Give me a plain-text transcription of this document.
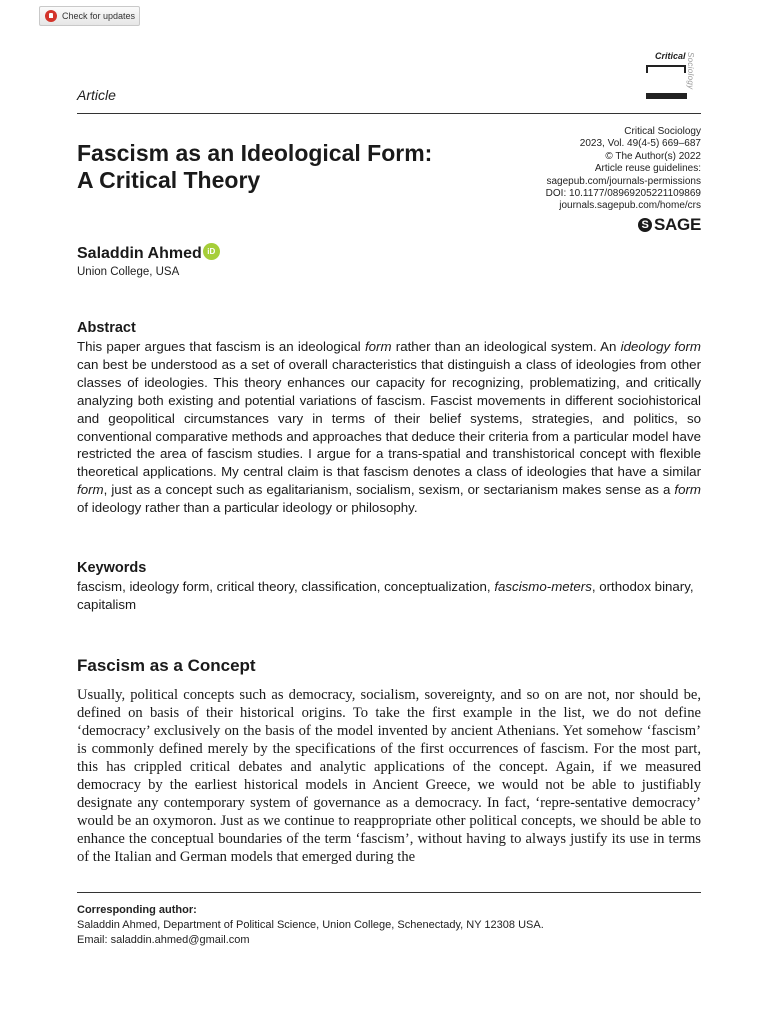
Check for updates
Critical Sociology
Article
Fascism as an Ideological Form:
A Critical Theory
Critical Sociology
2023, Vol. 49(4-5) 669–687
© The Author(s) 2022
Article reuse guidelines:
sagepub.com/journals-permissions
DOI: 10.1177/08969205221109869
journals.sagepub.com/home/crs
S SAGE
Saladdin Ahmed iD
Union College, USA
Abstract
This paper argues that fascism is an ideological form rather than an ideological system. An ideology form can best be understood as a set of overall characteristics that distinguish a class of ideologies from other classes of ideologies. This theory enhances our capacity for recognizing, problematizing, and critically analyzing both existing and potential variations of fascism. Fascist movements in different sociohistorical and geopolitical circumstances vary in terms of their belief systems, strategies, and politics, so conventional comparative methods and approaches that deduce their criteria from a particular model have restricted the area of fascism studies. I argue for a trans-spatial and transhistorical concept with flexible theoretical applications. My central claim is that fascism denotes a class of ideologies that have a similar form, just as a concept such as egalitarianism, socialism, sexism, or sectarianism makes sense as a form of ideology rather than a particular ideology or philosophy.
Keywords
fascism, ideology form, critical theory, classification, conceptualization, fascismo-meters, orthodox binary, capitalism
Fascism as a Concept
Usually, political concepts such as democracy, socialism, sovereignty, and so on are not, nor should be, defined on basis of their historical origins. To take the first example in the list, we do not define ‘democracy’ exclusively on the basis of the model invented by ancient Athenians. Yet somehow ‘fascism’ is commonly defined merely by the specifications of the first occurrences of fascism. For the most part, this has crippled critical debates and analytic applications of the concept. Again, if we measured democracy by the earliest historical models in Ancient Greece, we would not be able to justifiably designate any contemporary system of governance as a democracy. In fact, ‘repre-sentative democracy’ would be an oxymoron. Just as we continue to reappropriate other political concepts, we should be able to enhance the conceptual boundaries of the term ‘fascism’, without having to always justify its use in terms of the Italian and German models that emerged during the
Corresponding author:
Saladdin Ahmed, Department of Political Science, Union College, Schenectady, NY 12308 USA.
Email: saladdin.ahmed@gmail.com
